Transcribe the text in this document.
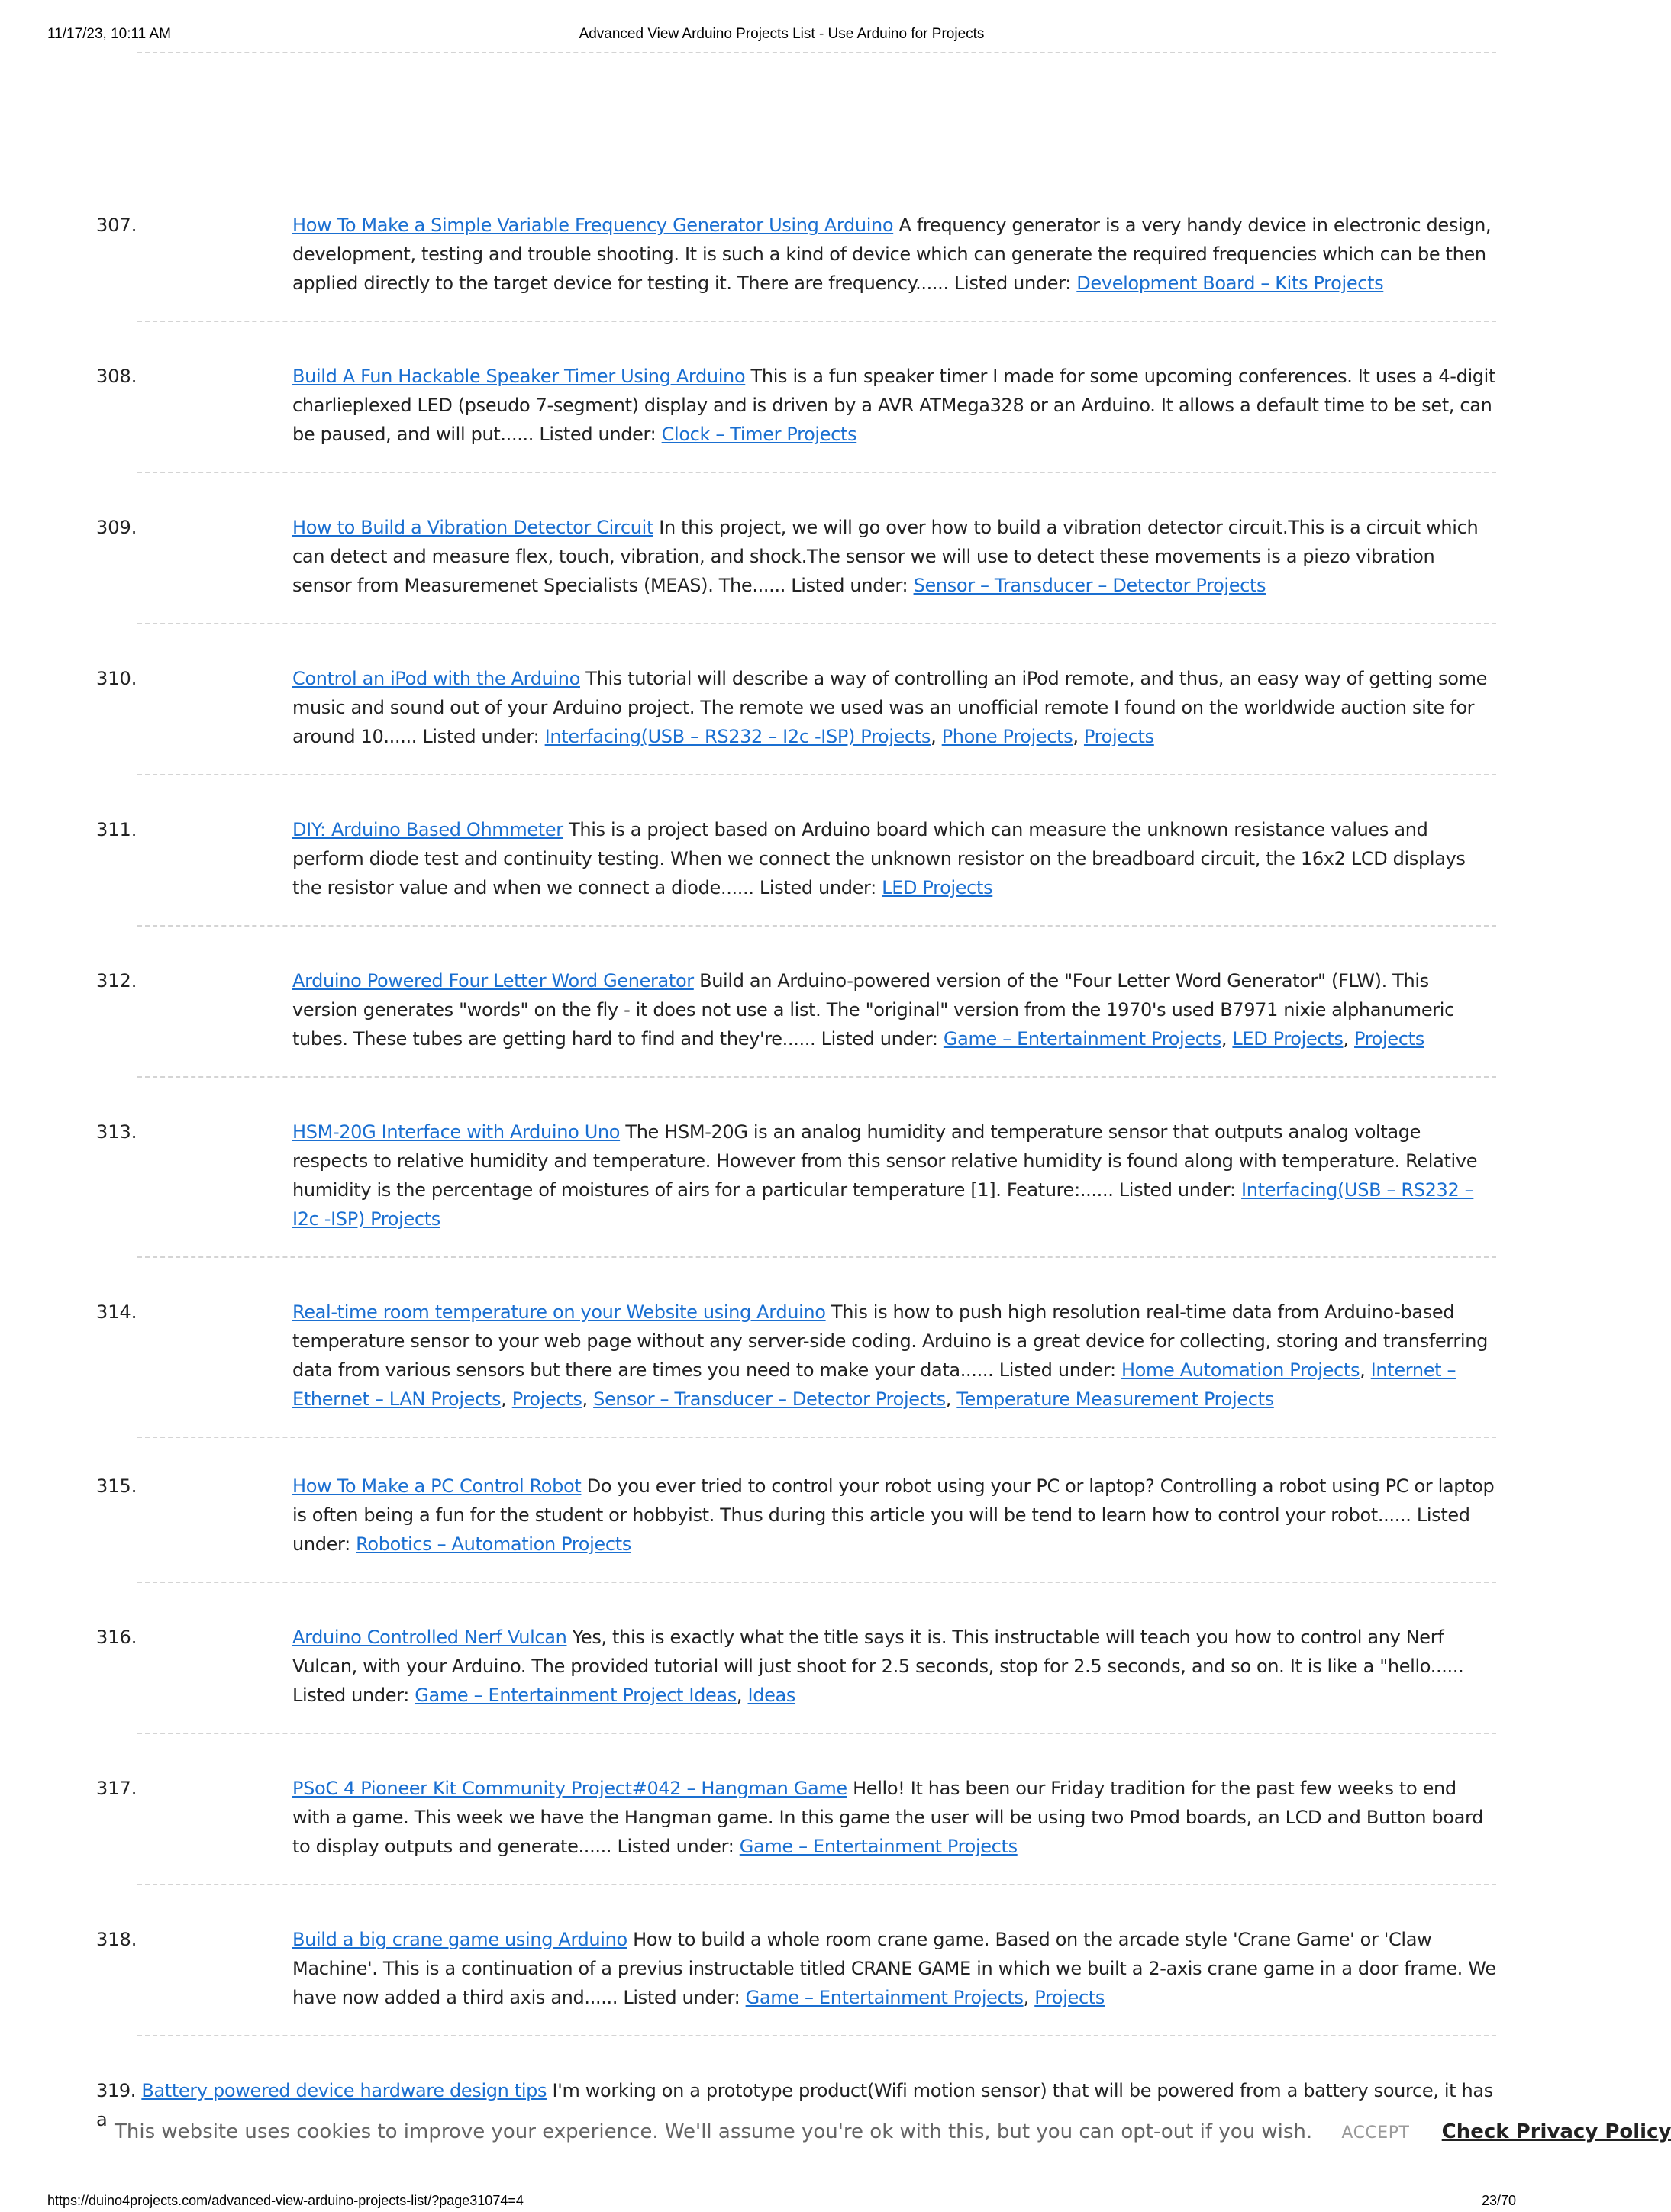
11/17/23, 10:11 AM	Advanced View Arduino Projects List - Use Arduino for Projects
307.	How To Make a Simple Variable Frequency Generator Using Arduino A frequency generator is a very handy device in electronic design, development, testing and trouble shooting. It is such a kind of device which can generate the required frequencies which can be then applied directly to the target device for testing it. There are frequency...... Listed under: Development Board – Kits Projects
308.	Build A Fun Hackable Speaker Timer Using Arduino This is a fun speaker timer I made for some upcoming conferences. It uses a 4-digit charlieplexed LED (pseudo 7-segment) display and is driven by a AVR ATMega328 or an Arduino. It allows a default time to be set, can be paused, and will put...... Listed under: Clock – Timer Projects
309.	How to Build a Vibration Detector Circuit In this project, we will go over how to build a vibration detector circuit.This is a circuit which can detect and measure flex, touch, vibration, and shock.The sensor we will use to detect these movements is a piezo vibration sensor from Measuremenet Specialists (MEAS). The...... Listed under: Sensor – Transducer – Detector Projects
310.	Control an iPod with the Arduino This tutorial will describe a way of controlling an iPod remote, and thus, an easy way of getting some music and sound out of your Arduino project. The remote we used was an unofficial remote I found on the worldwide auction site for around 10...... Listed under: Interfacing(USB – RS232 – I2c -ISP) Projects, Phone Projects, Projects
311.	DIY: Arduino Based Ohmmeter This is a project based on Arduino board which can measure the unknown resistance values and perform diode test and continuity testing. When we connect the unknown resistor on the breadboard circuit, the 16x2 LCD displays the resistor value and when we connect a diode...... Listed under: LED Projects
312.	Arduino Powered Four Letter Word Generator Build an Arduino-powered version of the "Four Letter Word Generator" (FLW). This version generates "words" on the fly - it does not use a list. The "original" version from the 1970's used B7971 nixie alphanumeric tubes. These tubes are getting hard to find and they're...... Listed under: Game – Entertainment Projects, LED Projects, Projects
313.	HSM-20G Interface with Arduino Uno The HSM-20G is an analog humidity and temperature sensor that outputs analog voltage respects to relative humidity and temperature. However from this sensor relative humidity is found along with temperature. Relative humidity is the percentage of moistures of airs for a particular temperature [1]. Feature:...... Listed under: Interfacing(USB – RS232 – I2c -ISP) Projects
314.	Real-time room temperature on your Website using Arduino This is how to push high resolution real-time data from Arduino-based temperature sensor to your web page without any server-side coding. Arduino is a great device for collecting, storing and transferring data from various sensors but there are times you need to make your data...... Listed under: Home Automation Projects, Internet – Ethernet – LAN Projects, Projects, Sensor – Transducer – Detector Projects, Temperature Measurement Projects
315.	How To Make a PC Control Robot Do you ever tried to control your robot using your PC or laptop? Controlling a robot using PC or laptop is often being a fun for the student or hobbyist. Thus during this article you will be tend to learn how to control your robot...... Listed under: Robotics – Automation Projects
316.	Arduino Controlled Nerf Vulcan Yes, this is exactly what the title says it is. This instructable will teach you how to control any Nerf Vulcan, with your Arduino. The provided tutorial will just shoot for 2.5 seconds, stop for 2.5 seconds, and so on. It is like a "hello...... Listed under: Game – Entertainment Project Ideas, Ideas
317.	PSoC 4 Pioneer Kit Community Project#042 – Hangman Game Hello! It has been our Friday tradition for the past few weeks to end with a game. This week we have the Hangman game. In this game the user will be using two Pmod boards, an LCD and Button board to display outputs and generate...... Listed under: Game – Entertainment Projects
318.	Build a big crane game using Arduino How to build a whole room crane game. Based on the arcade style 'Crane Game' or 'Claw Machine'. This is a continuation of a previus instructable titled CRANE GAME in which we built a 2-axis crane game in a door frame. We have now added a third axis and...... Listed under: Game – Entertainment Projects, Projects
319. Battery powered device hardware design tips I'm working on a prototype product(Wifi motion sensor) that will be powered from a battery source, it has a
This website uses cookies to improve your experience. We'll assume you're ok with this, but you can opt-out if you wish. ACCEPT Check Privacy Policy
https://duino4projects.com/advanced-view-arduino-projects-list/?page31074=4	23/70
